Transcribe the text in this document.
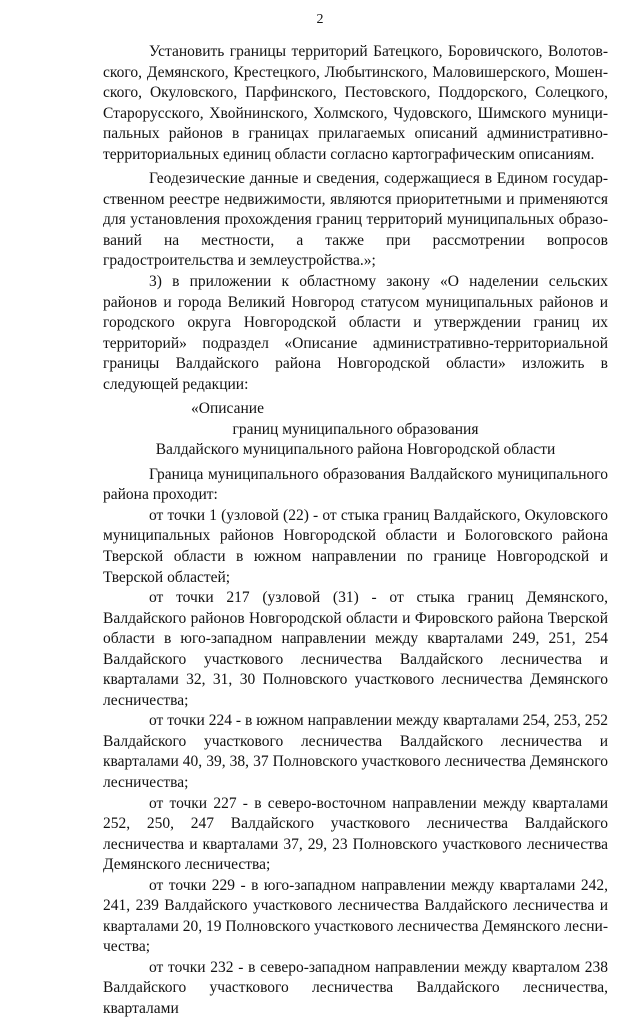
2

Установить границы территорий Батецкого, Боровичского, Волотовского, Демянского, Крестецкого, Любытинского, Маловишерского, Мошенского, Окуловского, Парфинского, Пестовского, Поддорского, Солецкого, Старорусского, Хвойнинского, Холмского, Чудовского, Шимского муниципальных районов в границах прилагаемых описаний административно-территориальных единиц области согласно картографическим описаниям.

Геодезические данные и сведения, содержащиеся в Едином государственном реестре недвижимости, являются приоритетными и применяются для установления прохождения границ территорий муниципальных образований на местности, а также при рассмотрении вопросов градостроительства и землеустройства.»;

3) в приложении к областному закону «О наделении сельских районов и города Великий Новгород статусом муниципальных районов и городского округа Новгородской области и утверждении границ их территорий» подраздел «Описание административно-территориальной границы Валдайского района Новгородской области» изложить в следующей редакции:

«Описание
границ муниципального образования
Валдайского муниципального района Новгородской области

Граница муниципального образования Валдайского муниципального района проходит:

от точки 1 (узловой (22) - от стыка границ Валдайского, Окуловского муниципальных районов Новгородской области и Бологовского района Тверской области в южном направлении по границе Новгородской и Тверской областей;

от точки 217 (узловой (31) - от стыка границ Демянского, Валдайского районов Новгородской области и Фировского района Тверской области в юго-западном направлении между кварталами 249, 251, 254 Валдайского участкового лесничества Валдайского лесничества и кварталами 32, 31, 30 Полновского участкового лесничества Демянского лесничества;

от точки 224 - в южном направлении между кварталами 254, 253, 252 Валдайского участкового лесничества Валдайского лесничества и кварталами 40, 39, 38, 37 Полновского участкового лесничества Демянского лесничества;

от точки 227 - в северо-восточном направлении между кварталами 252, 250, 247 Валдайского участкового лесничества Валдайского лесничества и кварталами 37, 29, 23 Полновского участкового лесничества Демянского лесничества;

от точки 229 - в юго-западном направлении между кварталами 242, 241, 239 Валдайского участкового лесничества Валдайского лесничества и кварталами 20, 19 Полновского участкового лесничества Демянского лесничества;

от точки 232 - в северо-западном направлении между кварталом 238 Валдайского участкового лесничества Валдайского лесничества, кварталами
